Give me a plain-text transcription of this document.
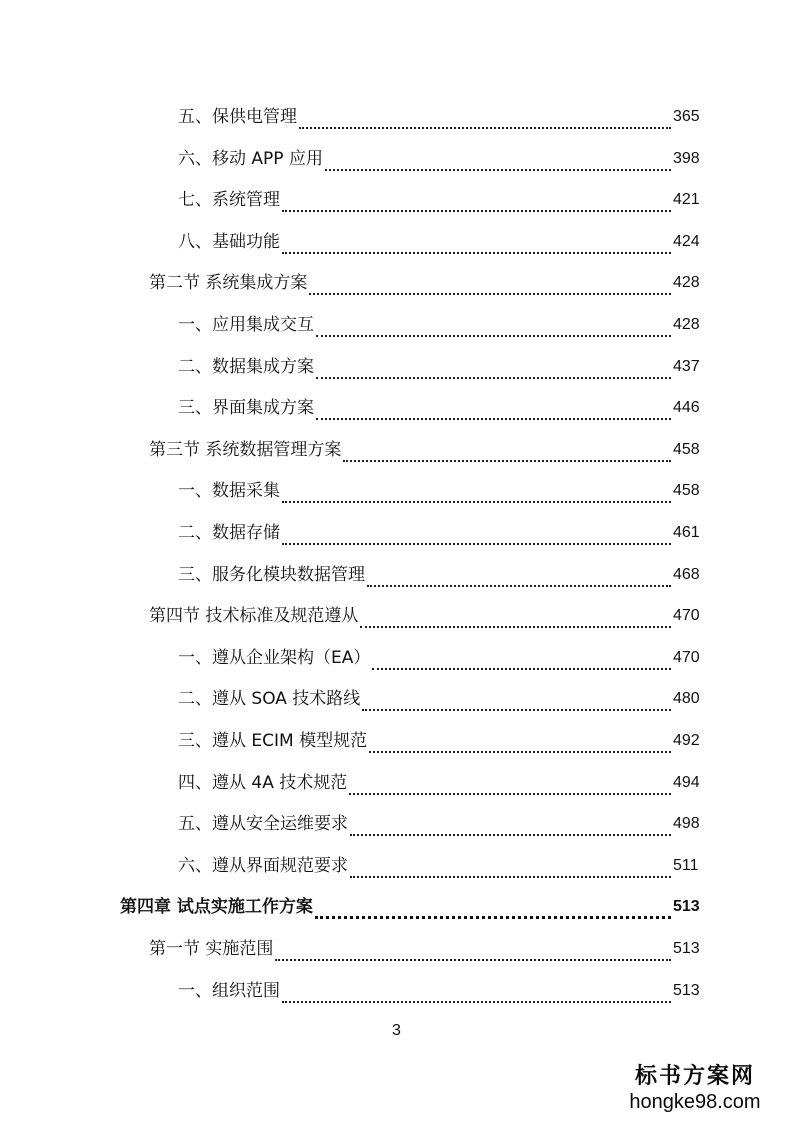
五、保供电管理	365
六、移动 APP 应用	398
七、系统管理	421
八、基础功能	424
第二节 系统集成方案	428
一、应用集成交互	428
二、数据集成方案	437
三、界面集成方案	446
第三节 系统数据管理方案	458
一、数据采集	458
二、数据存储	461
三、服务化模块数据管理	468
第四节 技术标准及规范遵从	470
一、遵从企业架构（EA）	470
二、遵从 SOA 技术路线	480
三、遵从 ECIM 模型规范	492
四、遵从 4A 技术规范	494
五、遵从安全运维要求	498
六、遵从界面规范要求	511
第四章 试点实施工作方案	513
第一节 实施范围	513
一、组织范围	513
3
标书方案网
hongke98.com
